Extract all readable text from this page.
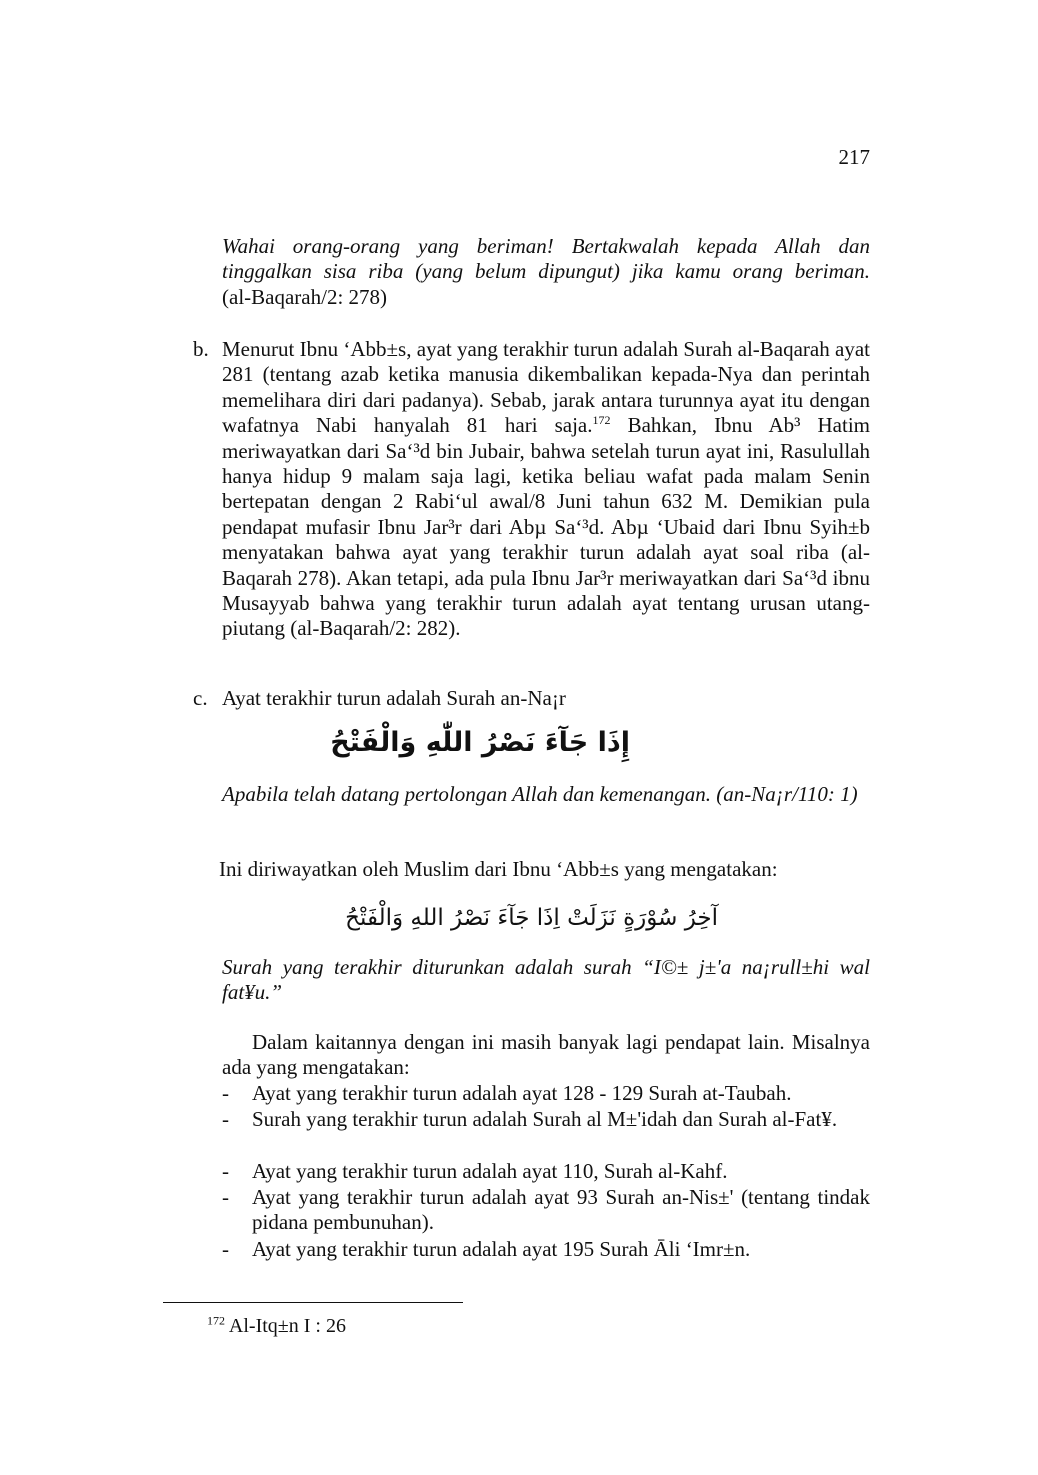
217
Wahai orang-orang yang beriman! Bertakwalah kepada Allah dan
tinggalkan sisa riba (yang belum dipungut) jika kamu orang beriman.
(al-Baqarah/2: 278)
b. Menurut Ibnu ‘Abb±s, ayat yang terakhir turun adalah Surah al-Baqarah ayat 281 (tentang azab ketika manusia dikembalikan kepada-Nya dan perintah memelihara diri dari padanya). Sebab, jarak antara turunnya ayat itu dengan wafatnya Nabi hanyalah 81 hari saja.$^{172}$ Bahkan, Ibnu Ab³ Hatim meriwayatkan dari Sa‘³d bin Jubair, bahwa setelah turun ayat ini, Rasulullah hanya hidup 9 malam saja lagi, ketika beliau wafat pada malam Senin bertepatan dengan 2 Rabi‘ul awal/8 Juni tahun 632 M. Demikian pula pendapat mufasir Ibnu Jar³r dari Abµ Sa‘³d. Abµ ‘Ubaid dari Ibnu Syih±b menyatakan bahwa ayat yang terakhir turun adalah ayat soal riba (al-Baqarah 278). Akan tetapi, ada pula Ibnu Jar³r meriwayatkan dari Sa‘³d ibnu Musayyab bahwa yang terakhir turun adalah ayat tentang urusan utang-piutang (al-Baqarah/2: 282).
c. Ayat terakhir turun adalah Surah an-Na¡r
إِذَا جَآءَ نَصْرُ اللّٰهِ وَالْفَتْحُ
Apabila telah datang pertolongan Allah dan kemenangan. (an-Na¡r/110: 1)
Ini diriwayatkan oleh Muslim dari Ibnu ‘Abb±s yang mengatakan:
آخِرُ سُوْرَةٍ نَزَلَتْ اِذَا جَآءَ نَصْرُ اللهِ وَالْفَتْحُ
Surah yang terakhir diturunkan adalah surah “I©± j±'a na¡rull±hi wal fat¥u.”
Dalam kaitannya dengan ini masih banyak lagi pendapat lain. Misalnya ada yang mengatakan:
- Ayat yang terakhir turun adalah ayat 128 - 129 Surah at-Taubah.
- Surah yang terakhir turun adalah Surah al M±'idah dan Surah al-Fat¥.
- Ayat yang terakhir turun adalah ayat 110, Surah al-Kahf.
- Ayat yang terakhir turun adalah ayat 93 Surah an-Nis±' (tentang tindak pidana pembunuhan).
- Ayat yang terakhir turun adalah ayat 195 Surah Āli ‘Imr±n.
$^{172}$ Al-Itq±n I : 26
